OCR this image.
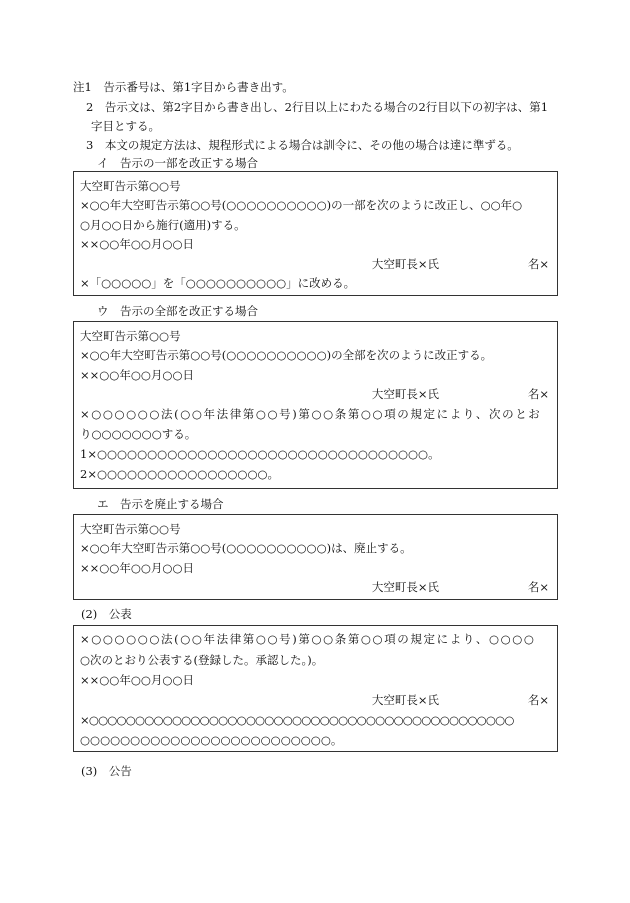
注1　告示番号は、第1字目から書き出す。
2　告示文は、第2字目から書き出し、2行目以上にわたる場合の2行目以下の初字は、第1
字目とする。
3　本文の規定方法は、規程形式による場合は訓令に、その他の場合は達に準ずる。
イ　告示の一部を改正する場合
大空町告示第○○号
×○○年大空町告示第○○号(○○○○○○○○○○)の一部を次のように改正し、○○年○
○月○○日から施行(適用)する。
××○○年○○月○○日
大空町長×氏	名×
×「○○○○○」を「○○○○○○○○○○」に改める。
ウ　告示の全部を改正する場合
大空町告示第○○号
×○○年大空町告示第○○号(○○○○○○○○○○)の全部を次のように改正する。
××○○年○○月○○日
大空町長×氏	名×
×○○○○○○法(○○年法律第○○号)第○○条第○○項の規定により、次のとお
り○○○○○○○する。
1×○○○○○○○○○○○○○○○○○○○○○○○○○○○○○○○○○。
2×○○○○○○○○○○○○○○○○○。
エ　告示を廃止する場合
大空町告示第○○号
×○○年大空町告示第○○号(○○○○○○○○○○)は、廃止する。
××○○年○○月○○日
大空町長×氏	名×
(2)　公表
×○○○○○○法(○○年法律第○○号)第○○条第○○項の規定により、○○○○
○次のとおり公表する(登録した。承認した。)。
××○○年○○月○○日
大空町長×氏	名×
×○○○○○○○○○○○○○○○○○○○○○○○○○○○○○○○○○○○○○○○○○○○○○○
○○○○○○○○○○○○○○○○○○○○○○○○○。
(3)　公告
